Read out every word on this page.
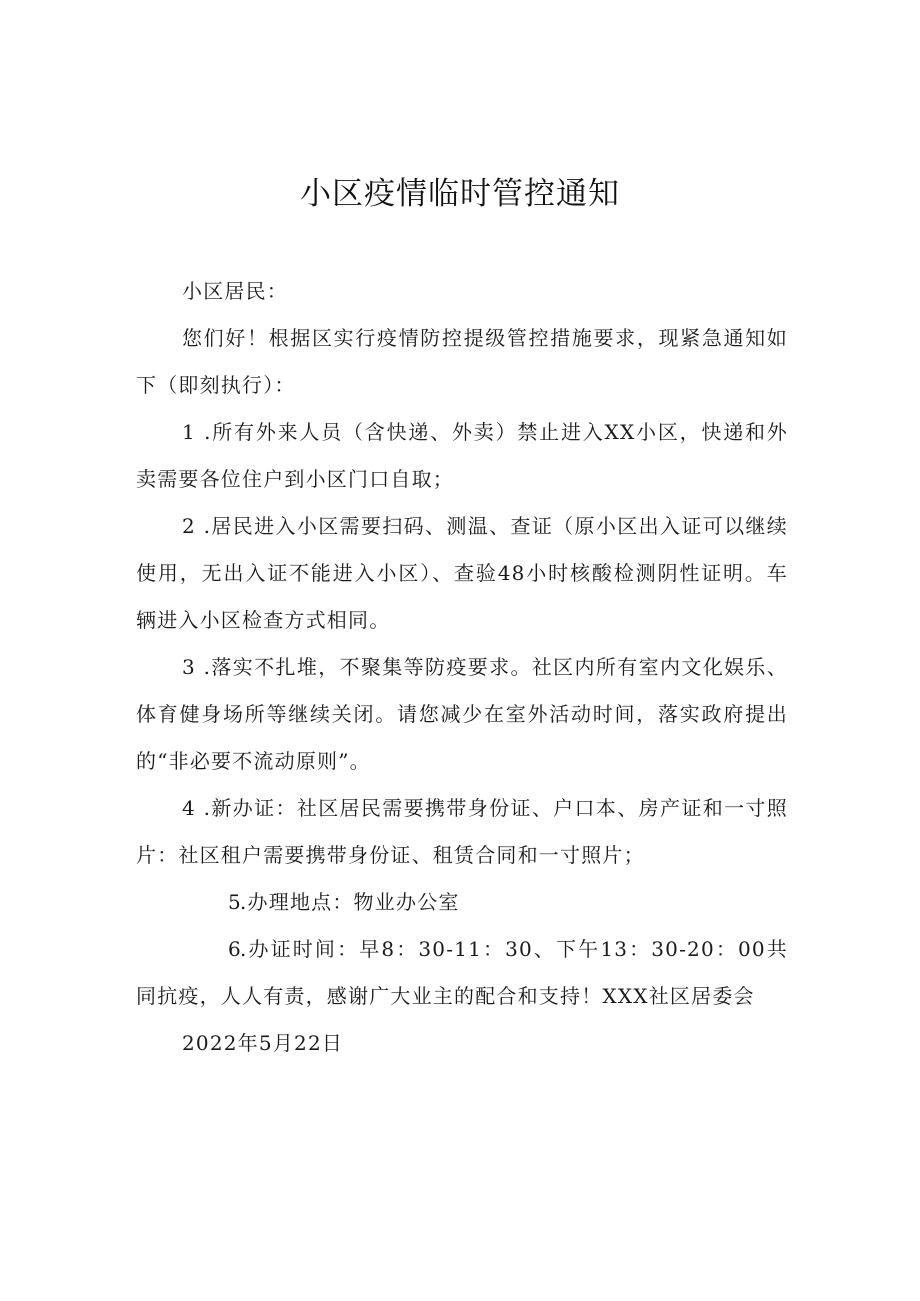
小区疫情临时管控通知

小区居民：

您们好！根据区实行疫情防控提级管控措施要求，现紧急通知如下（即刻执行）：

1 .所有外来人员（含快递、外卖）禁止进入XX小区，快递和外卖需要各位住户到小区门口自取；

2 .居民进入小区需要扫码、测温、查证（原小区出入证可以继续使用，无出入证不能进入小区）、查验48小时核酸检测阴性证明。车辆进入小区检查方式相同。

3 .落实不扎堆，不聚集等防疫要求。社区内所有室内文化娱乐、体育健身场所等继续关闭。请您减少在室外活动时间，落实政府提出的“非必要不流动原则”。

4 .新办证：社区居民需要携带身份证、户口本、房产证和一寸照片：社区租户需要携带身份证、租赁合同和一寸照片；

5.办理地点：物业办公室

6.办证时间：早8：30-11：30、下午13：30-20：00共同抗疫，人人有责，感谢广大业主的配合和支持！XXX社区居委会

2022年5月22日
